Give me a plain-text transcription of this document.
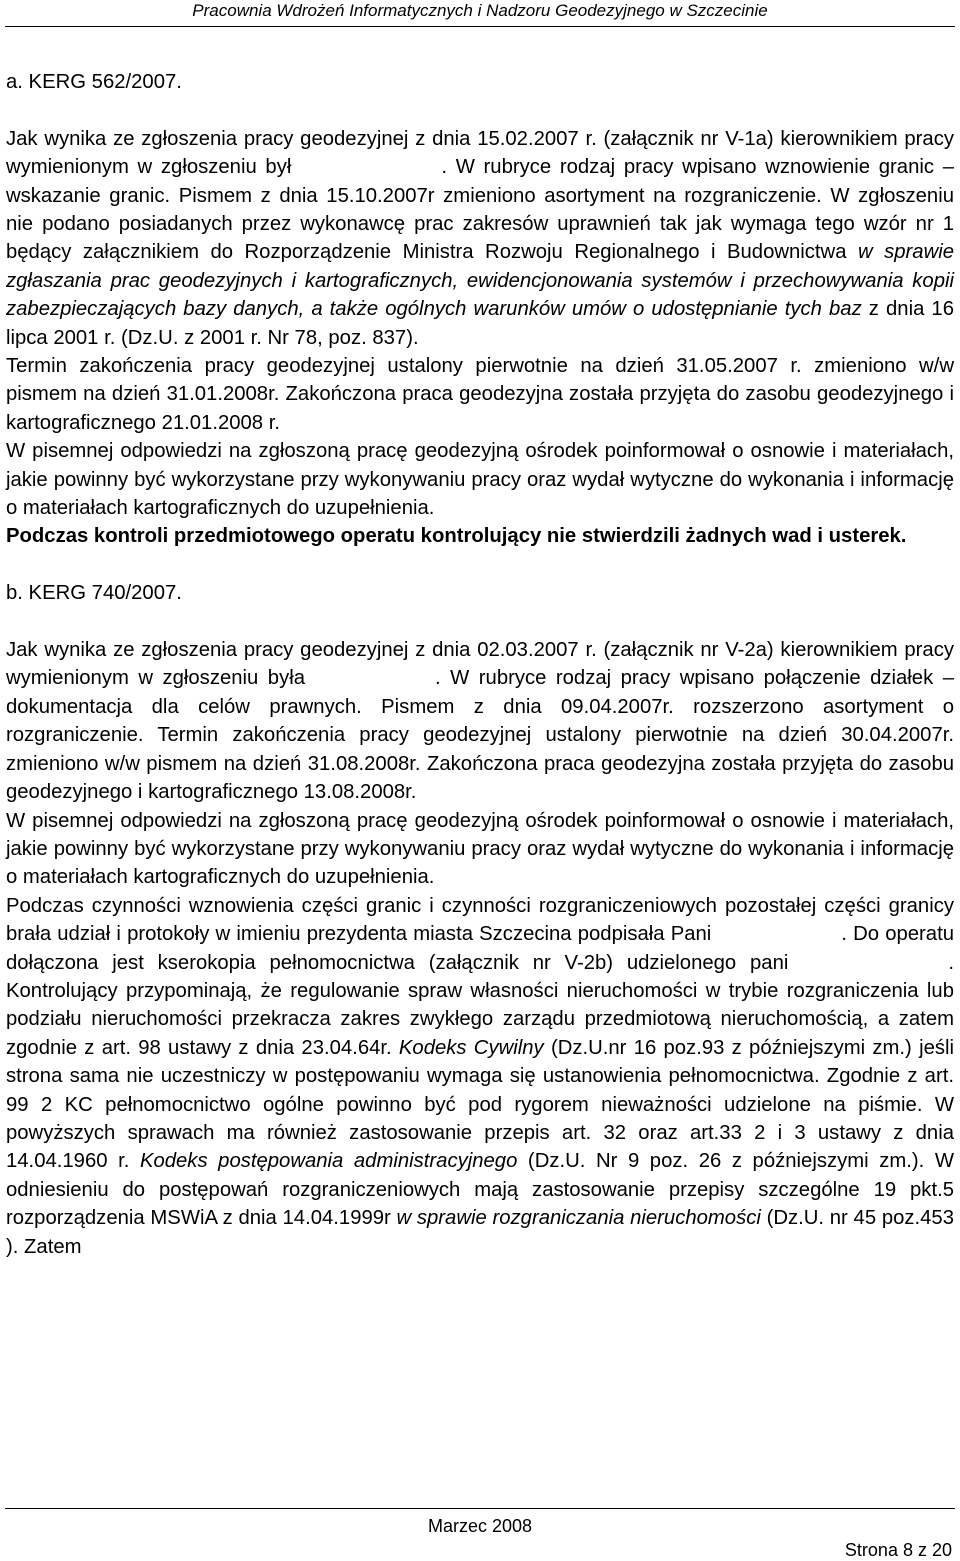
Pracownia Wdrożeń Informatycznych i Nadzoru Geodezyjnego w Szczecinie

a. KERG 562/2007.

Jak wynika ze zgłoszenia pracy geodezyjnej z dnia 15.02.2007 r. (załącznik nr V-1a) kierownikiem pracy wymienionym w zgłoszeniu był	. W rubryce rodzaj pracy wpisano wznowienie granic – wskazanie granic. Pismem z dnia 15.10.2007r zmieniono asortyment na rozgraniczenie. W zgłoszeniu nie podano posiadanych przez wykonawcę prac zakresów uprawnień tak jak wymaga tego wzór nr 1 będący załącznikiem do Rozporządzenie Ministra Rozwoju Regionalnego i Budownictwa w sprawie zgłaszania prac geodezyjnych i kartograficznych, ewidencjonowania systemów i przechowywania kopii zabezpieczających bazy danych, a także ogólnych warunków umów o udostępnianie tych baz z dnia 16 lipca 2001 r. (Dz.U. z 2001 r. Nr 78, poz. 837).

Termin zakończenia pracy geodezyjnej ustalony pierwotnie na dzień 31.05.2007 r. zmieniono w/w pismem na dzień 31.01.2008r. Zakończona praca geodezyjna została przyjęta do zasobu geodezyjnego i kartograficznego 21.01.2008 r.

W pisemnej odpowiedzi na zgłoszoną pracę geodezyjną ośrodek poinformował o osnowie i materiałach, jakie powinny być wykorzystane przy wykonywaniu pracy oraz wydał wytyczne do wykonania i informację o materiałach kartograficznych do uzupełnienia.

Podczas kontroli przedmiotowego operatu kontrolujący nie stwierdzili żadnych wad i usterek.

b. KERG 740/2007.

Jak wynika ze zgłoszenia pracy geodezyjnej z dnia 02.03.2007 r. (załącznik nr V-2a) kierownikiem pracy wymienionym w zgłoszeniu była	. W rubryce rodzaj pracy wpisano połączenie działek – dokumentacja dla celów prawnych. Pismem z dnia 09.04.2007r. rozszerzono asortyment o rozgraniczenie. Termin zakończenia pracy geodezyjnej ustalony pierwotnie na dzień 30.04.2007r. zmieniono w/w pismem na dzień 31.08.2008r. Zakończona praca geodezyjna została przyjęta do zasobu geodezyjnego i kartograficznego 13.08.2008r.

W pisemnej odpowiedzi na zgłoszoną pracę geodezyjną ośrodek poinformował o osnowie i materiałach, jakie powinny być wykorzystane przy wykonywaniu pracy oraz wydał wytyczne do wykonania i informację o materiałach kartograficznych do uzupełnienia.

Podczas czynności wznowienia części granic i czynności rozgraniczeniowych pozostałej części granicy brała udział i protokoły w imieniu prezydenta miasta Szczecina podpisała Pani	. Do operatu dołączona jest kserokopia pełnomocnictwa (załącznik nr V-2b) udzielonego pani	. Kontrolujący przypominają, że regulowanie spraw własności nieruchomości w trybie rozgraniczenia lub podziału nieruchomości przekracza zakres zwykłego zarządu przedmiotową nieruchomością, a zatem zgodnie z art. 98 ustawy z dnia 23.04.64r. Kodeks Cywilny (Dz.U.nr 16 poz.93 z późniejszymi zm.) jeśli strona sama nie uczestniczy w postępowaniu wymaga się ustanowienia pełnomocnictwa. Zgodnie z art. 99 2 KC pełnomocnictwo ogólne powinno być pod rygorem nieważności udzielone na piśmie. W powyższych sprawach ma również zastosowanie przepis art. 32 oraz art.33 2 i 3 ustawy z dnia 14.04.1960 r. Kodeks postępowania administracyjnego (Dz.U. Nr 9 poz. 26 z późniejszymi zm.). W odniesieniu do postępowań rozgraniczeniowych mają zastosowanie przepisy szczególne 19 pkt.5 rozporządzenia MSWiA z dnia 14.04.1999r w sprawie rozgraniczania nieruchomości (Dz.U. nr 45 poz.453 ). Zatem

Marzec 2008
Strona 8 z 20
